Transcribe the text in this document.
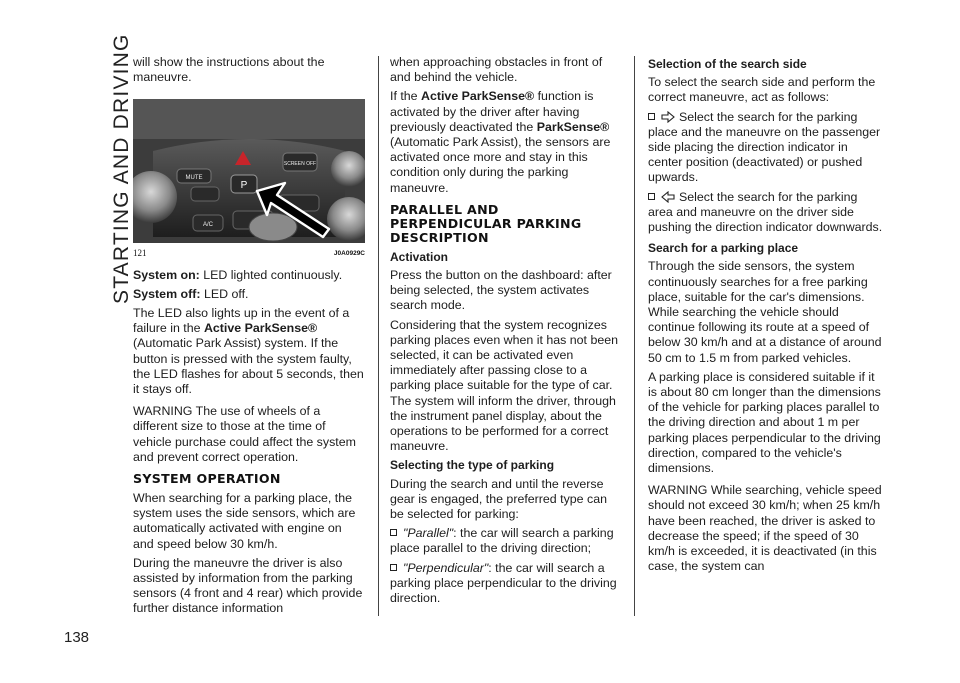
STARTING AND DRIVING will show the instructions about the maneuvre.

MUTE
SCREEN OFF
P
A/C
121	J0A0929C

System on: LED lighted continuously.

System off: LED off.

The LED also lights up in the event of a failure in the Active ParkSense® (Automatic Park Assist) system. If the button is pressed with the system faulty, the LED flashes for about 5 seconds, then it stays off.

WARNING The use of wheels of a different size to those at the time of vehicle purchase could affect the system and prevent correct operation.

SYSTEM OPERATION

When searching for a parking place, the system uses the side sensors, which are automatically activated with engine on and speed below 30 km/h.

During the maneuvre the driver is also assisted by information from the parking sensors (4 front and 4 rear) which provide further distance information

when approaching obstacles in front of and behind the vehicle.

If the Active ParkSense® function is activated by the driver after having previously deactivated the ParkSense® (Automatic Park Assist), the sensors are activated once more and stay in this condition only during the parking maneuvre.

PARALLEL AND PERPENDICULAR PARKING DESCRIPTION
Activation

Press the button on the dashboard: after being selected, the system activates search mode.

Considering that the system recognizes parking places even when it has not been selected, it can be activated even immediately after passing close to a parking place suitable for the type of car. The system will inform the driver, through the instrument panel display, about the operations to be performed for a correct maneuvre.

Selecting the type of parking

During the search and until the reverse gear is engaged, the preferred type can be selected for parking:

"Parallel": the car will search a parking place parallel to the driving direction;

"Perpendicular": the car will search a parking place perpendicular to the driving direction.

Selection of the search side

To select the search side and perform the correct maneuvre, act as follows:

Select the search for the parking place and the maneuvre on the passenger side placing the direction indicator in center position (deactivated) or pushed upwards.

Select the search for the parking area and maneuvre on the driver side pushing the direction indicator downwards.

Search for a parking place

Through the side sensors, the system continuously searches for a free parking place, suitable for the car's dimensions. While searching the vehicle should continue following its route at a speed of below 30 km/h and at a distance of around 50 cm to 1.5 m from parked vehicles.

A parking place is considered suitable if it is about 80 cm longer than the dimensions of the vehicle for parking places parallel to the driving direction and about 1 m per parking places perpendicular to the driving direction, compared to the vehicle's dimensions.

WARNING While searching, vehicle speed should not exceed 30 km/h; when 25 km/h have been reached, the driver is asked to decrease the speed; if the speed of 30 km/h is exceeded, it is deactivated (in this case, the system can

138
